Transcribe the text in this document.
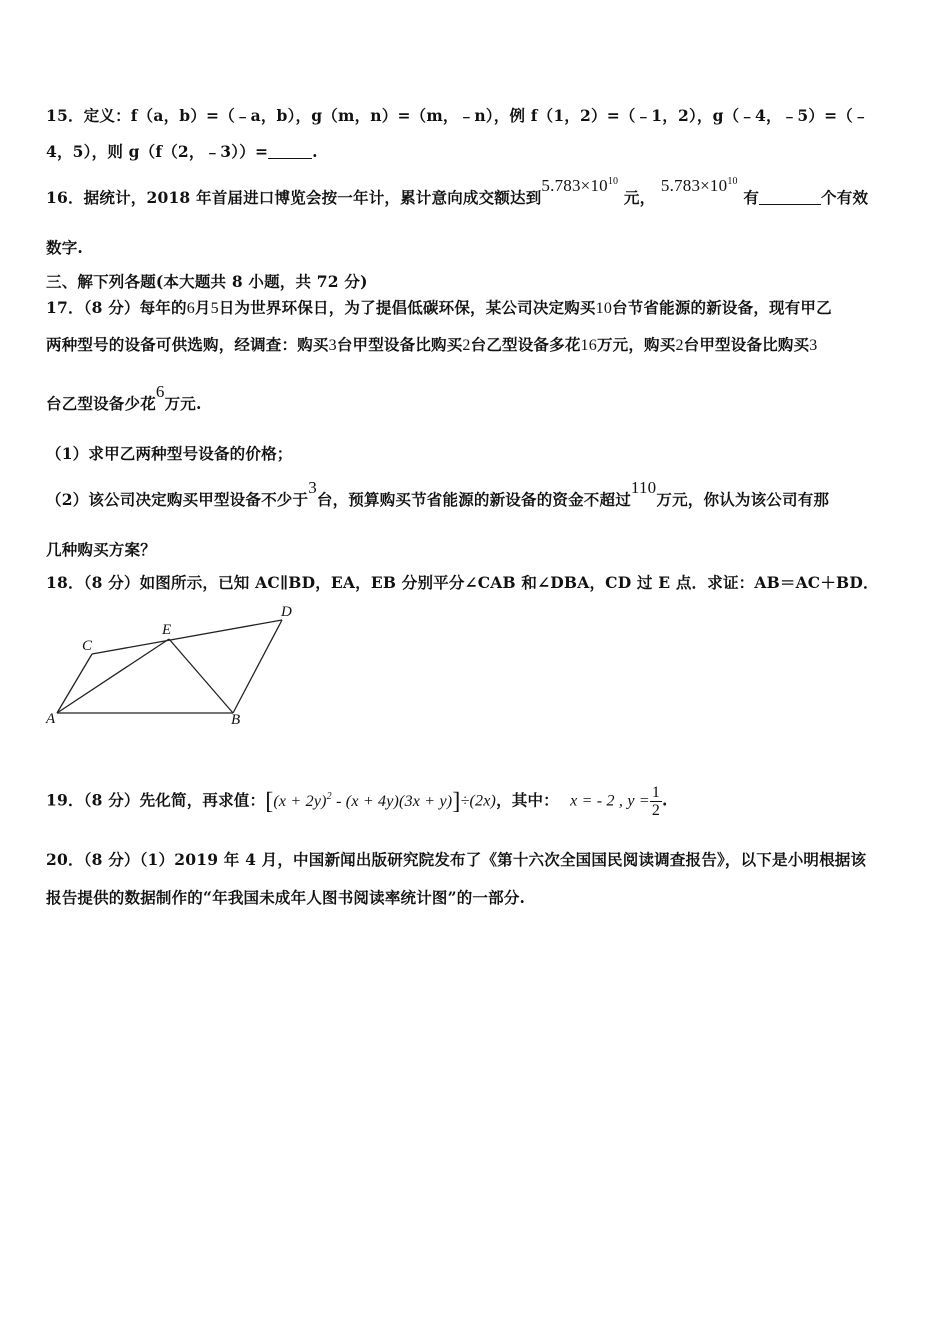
15．定义：f（a，b）=（﹣a，b），g（m，n）=（m，﹣n），例 f（1，2）=（﹣1，2），g（﹣4，﹣5）=（﹣
4，5），则 g（f（2，﹣3））=	.
16．据统计，2018 年首届进口博览会按一年计，累计意向成交额达到$5.783\times 10^{10}$ 元， $5.783\times 10^{10}$ 有	个有效
数字.
三、解下列各题(本大题共 8 小题，共 72 分)
17．（8 分）每年的6月5日为世界环保日，为了提倡低碳环保，某公司决定购买10台节省能源的新设备，现有甲乙
两种型号的设备可供选购，经调查：购买3台甲型设备比购买2台乙型设备多花16万元，购买2台甲型设备比购买3
台乙型设备少花6万元.
（1）求甲乙两种型号设备的价格；
（2）该公司决定购买甲型设备不少于3台，预算购买节省能源的新设备的资金不超过110万元，你认为该公司有那
几种购买方案？
18．（8 分）如图所示，已知 AC∥BD，EA，EB 分别平分∠CAB 和∠DBA，CD 过 E 点．求证：AB＝AC＋BD．
A	B
C
D
E
19．（8 分）先化简，再求值：$[(x + 2y)^2 - (x + 4y)(3x + y)]\div(2x)$，其中： x = - 2 , $y = \frac{1}{2}$ .
20．（8 分）（1）2019 年 4 月，中国新闻出版研究院发布了《第十六次全国国民阅读调查报告》，以下是小明根据该
报告提供的数据制作的“年我国未成年人图书阅读率统计图”的一部分.
